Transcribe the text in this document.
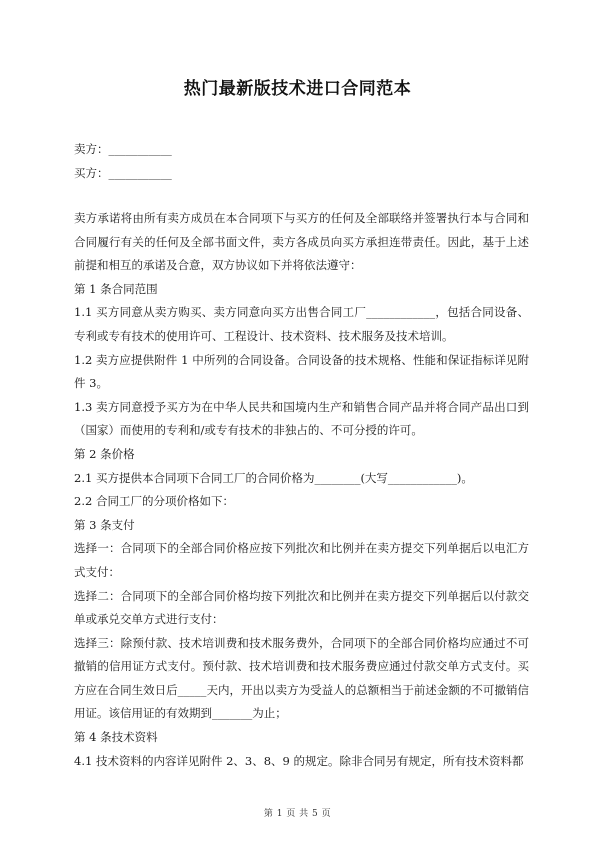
热门最新版技术进口合同范本
卖方：___________
买方：___________

卖方承诺将由所有卖方成员在本合同项下与买方的任何及全部联络并签署执行本与合同和合同履行有关的任何及全部书面文件，卖方各成员向买方承担连带责任。因此，基于上述前提和相互的承诺及合意，双方协议如下并将依法遵守：

第 1 条合同范围

1.1 买方同意从卖方购买、卖方同意向买方出售合同工厂____________，包括合同设备、专利或专有技术的使用许可、工程设计、技术资料、技术服务及技术培训。

1.2 卖方应提供附件 1 中所列的合同设备。合同设备的技术规格、性能和保证指标详见附件 3。

1.3 卖方同意授予买方为在中华人民共和国境内生产和销售合同产品并将合同产品出口到（国家）而使用的专利和/或专有技术的非独占的、不可分授的许可。

第 2 条价格

2.1 买方提供本合同项下合同工厂的合同价格为________(大写____________)。

2.2 合同工厂的分项价格如下：

第 3 条支付

选择一：合同项下的全部合同价格应按下列批次和比例并在卖方提交下列单据后以电汇方式支付：

选择二：合同项下的全部合同价格均按下列批次和比例并在卖方提交下列单据后以付款交单或承兑交单方式进行支付：

选择三：除预付款、技术培训费和技术服务费外，合同项下的全部合同价格均应通过不可撤销的信用证方式支付。预付款、技术培训费和技术服务费应通过付款交单方式支付。买方应在合同生效日后_____天内，开出以卖方为受益人的总额相当于前述金额的不可撤销信用证。该信用证的有效期到_______为止；

第 4 条技术资料

4.1 技术资料的内容详见附件 2、3、8、9 的规定。除非合同另有规定，所有技术资料都

第 1 页 共 5 页
